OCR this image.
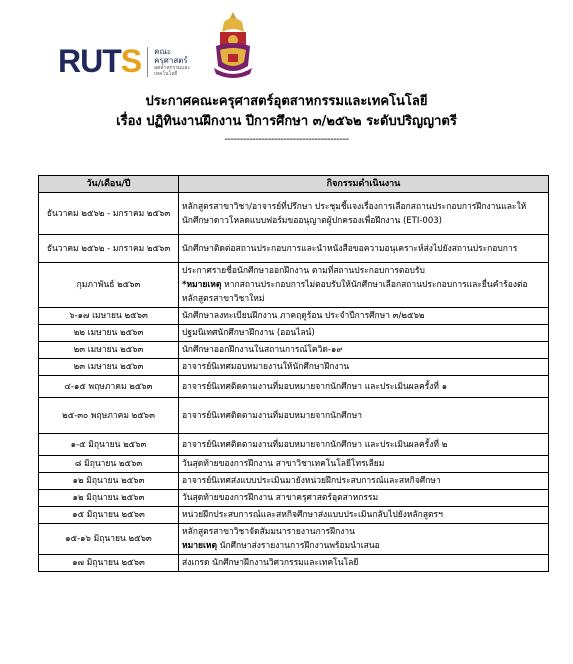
RUTS คณะครุศาสตร์
อุตสาหกรรมและเทคโนโลยี
ประกาศคณะครุศาสตร์อุตสาหกรรมและเทคโนโลยี
เรื่อง ปฏิทินงานฝึกงาน ปีการศึกษา ๓/๒๕๖๒ ระดับปริญญาตรี
----------------------------------------
วัน/เดือน/ปี	กิจกรรมดำเนินงาน
ธันวาคม ๒๕๖๒ - มกราคม ๒๕๖๓	หลักสูตรสาขาวิชา/อาจารย์ที่ปรึกษา ประชุมชี้แจงเรื่องการเลือกสถานประกอบการฝึกงานและให้นักศึกษาดาวโหลดแบบฟอร์มขออนุญาตผู้ปกครองเพื่อฝึกงาน (ETI-003)
ธันวาคม ๒๕๖๒ - มกราคม ๒๕๖๓	นักศึกษาติดต่อสถานประกอบการและนำหนังสือขอความอนุเคราะห์ส่งไปยังสถานประกอบการ
กุมภาพันธ์ ๒๕๖๓	ประกาศรายชื่อนักศึกษาออกฝึกงาน ตามที่สถานประกอบการตอบรับ
*หมายเหตุ หากสถานประกอบการไม่ตอบรับให้นักศึกษาเลือกสถานประกอบการและยื่นคำร้องต่อหลักสูตรสาขาวิชาใหม่
๖-๑๗ เมษายน ๒๕๖๓	นักศึกษาลงทะเบียนฝึกงาน ภาคฤดูร้อน ประจำปีการศึกษา ๓/๒๕๖๒
๒๒ เมษายน ๒๕๖๓	ปฐมนิเทศนักศึกษาฝึกงาน (ออนไลน์)
๒๓ เมษายน ๒๕๖๓	นักศึกษาออกฝึกงานในสถานการณ์โควิด-๑๙
๒๓ เมษายน ๒๕๖๓	อาจารย์นิเทศมอบหมายงานให้นักศึกษาฝึกงาน
๔-๑๕ พฤษภาคม ๒๕๖๓	อาจารย์นิเทศติดตามงานที่มอบหมายจากนักศึกษา และประเมินผลครั้งที่ ๑
๒๕-๓๐ พฤษภาคม ๒๕๖๓	อาจารย์นิเทศติดตามงานที่มอบหมายจากนักศึกษา
๑-๕ มิถุนายน ๒๕๖๓	อาจารย์นิเทศติดตามงานที่มอบหมายจากนักศึกษา และประเมินผลครั้งที่ ๒
๘ มิถุนายน ๒๕๖๓	วันสุดท้ายของการฝึกงาน สาขาวิชาเทคโนโลยีโทรเลียม
๑๒ มิถุนายน ๒๕๖๓	อาจารย์นิเทศส่งแบบประเมินมายังหน่วยฝึกประสบการณ์และสหกิจศึกษา
๑๒ มิถุนายน ๒๕๖๓	วันสุดท้ายของการฝึกงาน สาขาครุศาสตร์อุตสาหกรรม
๑๕ มิถุนายน ๒๕๖๓	หน่วยฝึกประสบการณ์และสหกิจศึกษาส่งแบบประเมินกลับไปยังหลักสูตรฯ
๑๕-๑๖ มิถุนายน ๒๕๖๓	หลักสูตรสาขาวิชาจัดสัมมนารายงานการฝึกงาน
หมายเหตุ นักศึกษาส่งรายงานการฝึกงานพร้อมนำเสนอ
๑๗ มิถุนายน ๒๕๖๓	ส่งเกรด นักศึกษาฝึกงานวิศวกรรมและเทคโนโลยี
